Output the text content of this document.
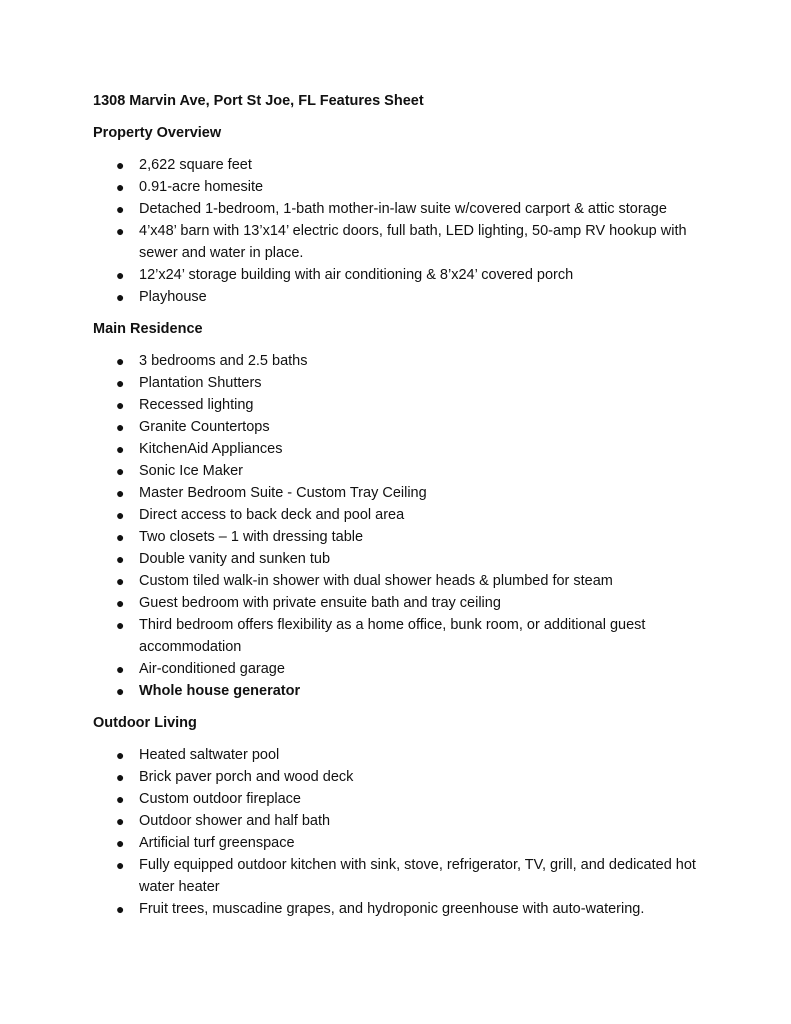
1308 Marvin Ave, Port St Joe, FL Features Sheet
Property Overview
● 2,622 square feet
● 0.91-acre homesite
● Detached 1-bedroom, 1-bath mother-in-law suite w/covered carport & attic storage
● 4’x48’ barn with 13’x14’ electric doors, full bath, LED lighting, 50-amp RV hookup with sewer and water in place.
● 12’x24’ storage building with air conditioning & 8’x24’ covered porch
● Playhouse
Main Residence
● 3 bedrooms and 2.5 baths
● Plantation Shutters
● Recessed lighting
● Granite Countertops
● KitchenAid Appliances
● Sonic Ice Maker
● Master Bedroom Suite - Custom Tray Ceiling
● Direct access to back deck and pool area
● Two closets – 1 with dressing table
● Double vanity and sunken tub
● Custom tiled walk-in shower with dual shower heads & plumbed for steam
● Guest bedroom with private ensuite bath and tray ceiling
● Third bedroom offers flexibility as a home office, bunk room, or additional guest accommodation
● Air-conditioned garage
● Whole house generator
Outdoor Living
● Heated saltwater pool
● Brick paver porch and wood deck
● Custom outdoor fireplace
● Outdoor shower and half bath
● Artificial turf greenspace
● Fully equipped outdoor kitchen with sink, stove, refrigerator, TV, grill, and dedicated hot water heater
● Fruit trees, muscadine grapes, and hydroponic greenhouse with auto-watering.
